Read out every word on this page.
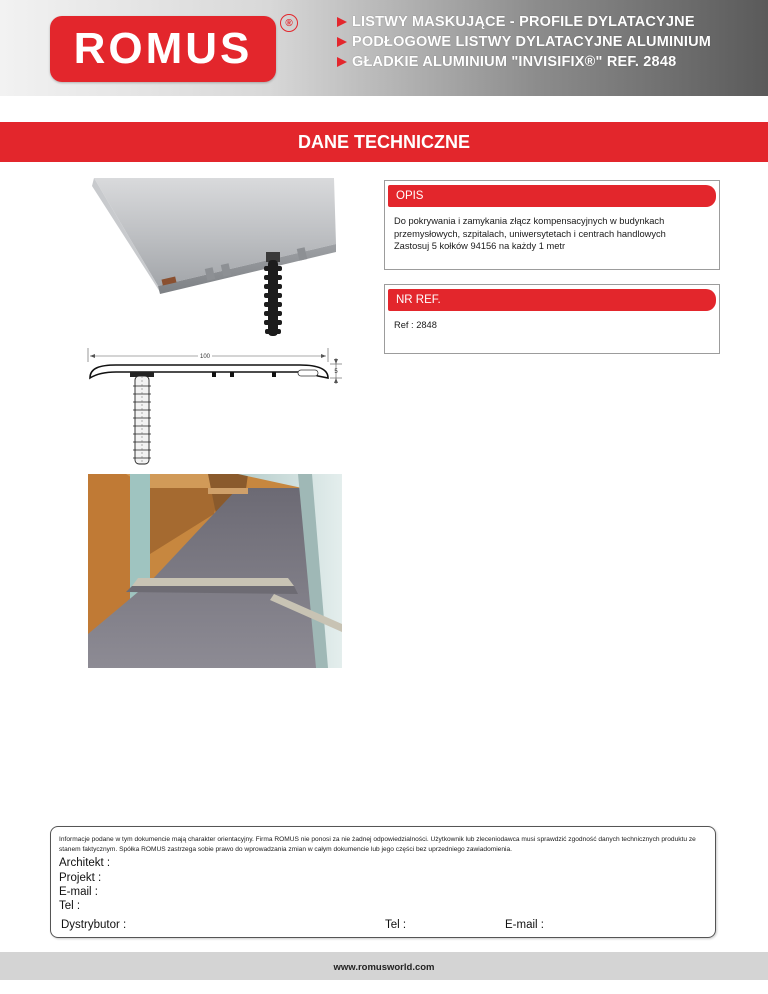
ROMUS
®	LISTWY MASKUJĄCE - PROFILE DYLATACYJNE
PODŁOGOWE LISTWY DYLATACYJNE ALUMINIUM
GŁADKIE ALUMINIUM "INVISIFIX®" REF. 2848
DANE TECHNICZNE
100
5
OPIS
Do pokrywania i zamykania złącz kompensacyjnych w budynkach
przemysłowych, szpitalach, uniwersytetach i centrach handlowych
Zastosuj 5 kołków 94156 na każdy 1 metr
NR REF.
Ref : 2848
Informacje podane w tym dokumencie mają charakter orientacyjny. Firma ROMUS nie ponosi za nie żadnej odpowiedzialności. Użytkownik lub zleceniodawca musi sprawdzić zgodność danych technicznych produktu ze stanem faktycznym. Spółka ROMUS zastrzega sobie prawo do wprowadzania zmian w całym dokumencie lub jego części bez uprzedniego zawiadomienia.
Architekt :
Projekt :
E-mail :
Tel :
Dystrybutor :	Tel :	E-mail :
www.romusworld.com
